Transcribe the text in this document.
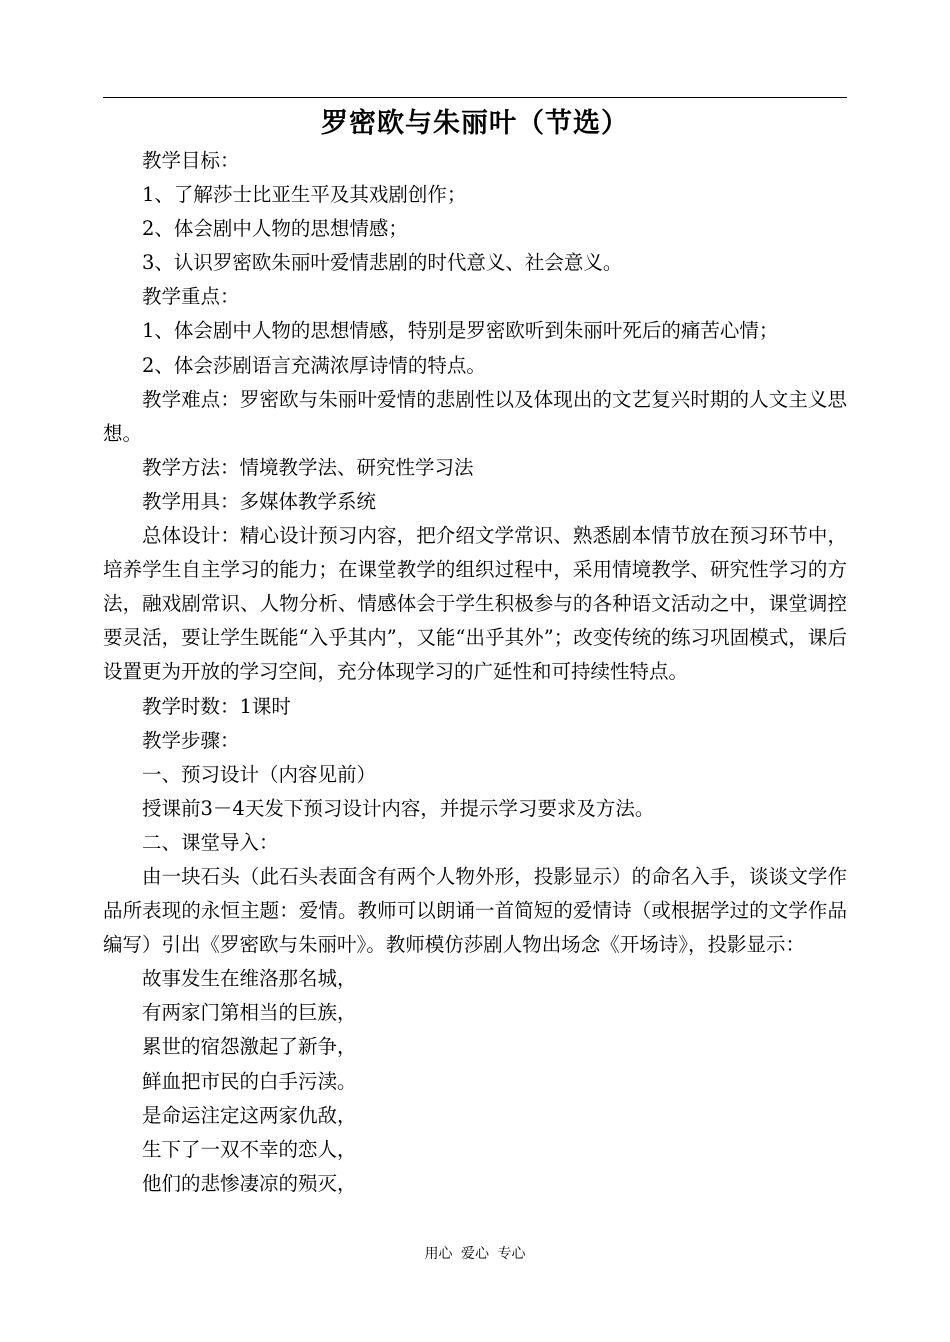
罗密欧与朱丽叶（节选）

教学目标：

1、了解莎士比亚生平及其戏剧创作；

2、体会剧中人物的思想情感；

3、认识罗密欧朱丽叶爱情悲剧的时代意义、社会意义。

教学重点：

1、体会剧中人物的思想情感，特别是罗密欧听到朱丽叶死后的痛苦心情；

2、体会莎剧语言充满浓厚诗情的特点。

教学难点：罗密欧与朱丽叶爱情的悲剧性以及体现出的文艺复兴时期的人文主义思想。

教学方法：情境教学法、研究性学习法

教学用具：多媒体教学系统

总体设计：精心设计预习内容，把介绍文学常识、熟悉剧本情节放在预习环节中，培养学生自主学习的能力；在课堂教学的组织过程中，采用情境教学、研究性学习的方法，融戏剧常识、人物分析、情感体会于学生积极参与的各种语文活动之中，课堂调控要灵活，要让学生既能“入乎其内”，又能“出乎其外”；改变传统的练习巩固模式，课后设置更为开放的学习空间，充分体现学习的广延性和可持续性特点。

教学时数：1课时

教学步骤：

一、预习设计（内容见前）

授课前3－4天发下预习设计内容，并提示学习要求及方法。

二、课堂导入：

由一块石头（此石头表面含有两个人物外形，投影显示）的命名入手，谈谈文学作品所表现的永恒主题：爱情。教师可以朗诵一首简短的爱情诗（或根据学过的文学作品编写）引出《罗密欧与朱丽叶》。教师模仿莎剧人物出场念《开场诗》，投影显示：

故事发生在维洛那名城，

有两家门第相当的巨族，

累世的宿怨激起了新争，

鲜血把市民的白手污渎。

是命运注定这两家仇敌，

生下了一双不幸的恋人，

他们的悲惨凄凉的殒灭，

用心 爱心 专心
